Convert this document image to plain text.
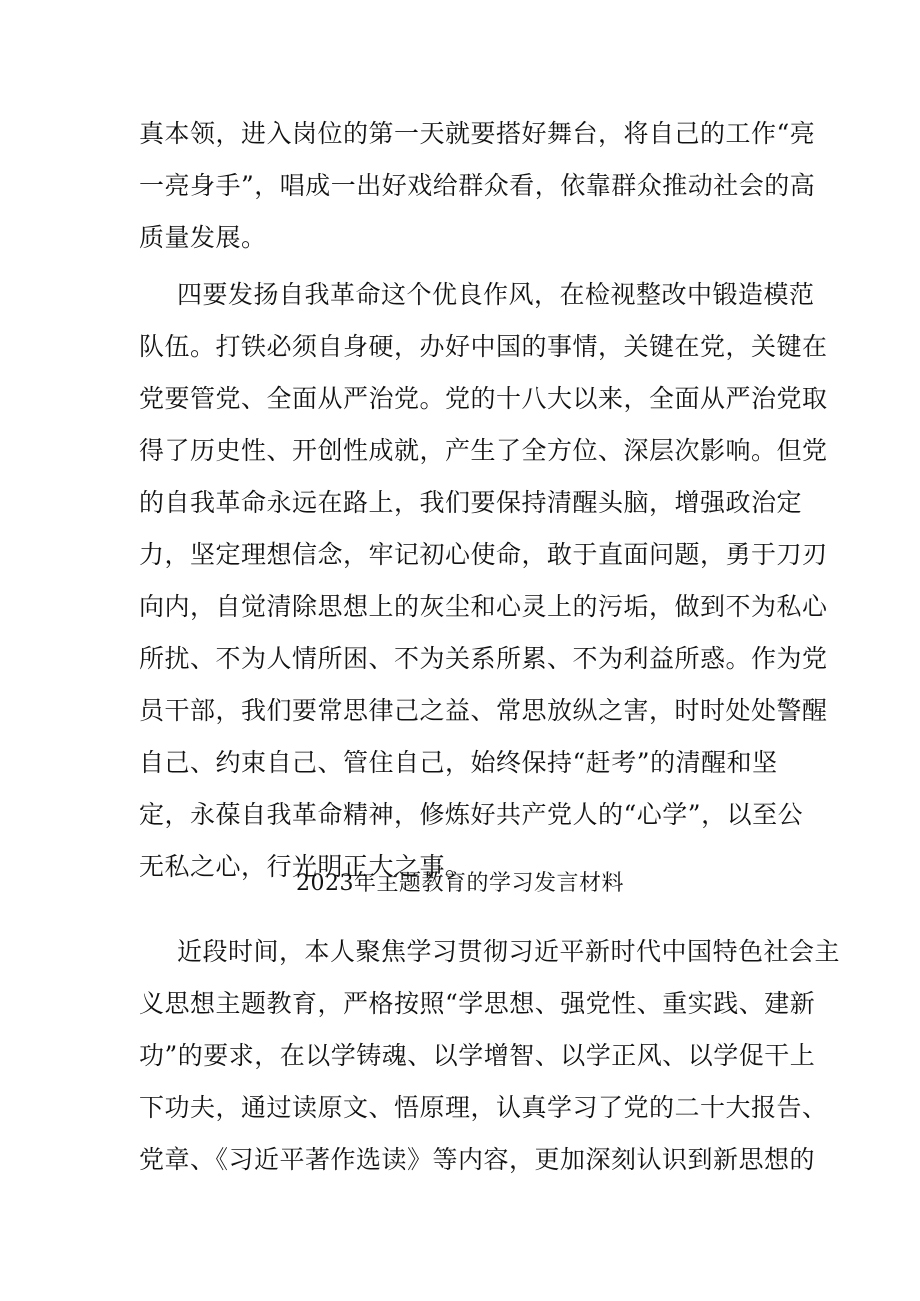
真本领，进入岗位的第一天就要搭好舞台，将自己的工作“亮
一亮身手”，唱成一出好戏给群众看，依靠群众推动社会的高
质量发展。
四要发扬自我革命这个优良作风，在检视整改中锻造模范
队伍。打铁必须自身硬，办好中国的事情，关键在党，关键在
党要管党、全面从严治党。党的十八大以来，全面从严治党取
得了历史性、开创性成就，产生了全方位、深层次影响。但党
的自我革命永远在路上，我们要保持清醒头脑，增强政治定
力，坚定理想信念，牢记初心使命，敢于直面问题，勇于刀刃
向内，自觉清除思想上的灰尘和心灵上的污垢，做到不为私心
所扰、不为人情所困、不为关系所累、不为利益所惑。作为党
员干部，我们要常思律己之益、常思放纵之害，时时处处警醒
自己、约束自己、管住自己，始终保持“赶考”的清醒和坚
定，永葆自我革命精神，修炼好共产党人的“心学”，以至公
无私之心，行光明正大之事。
2023年主题教育的学习发言材料
近段时间，本人聚焦学习贯彻习近平新时代中国特色社会主
义思想主题教育，严格按照“学思想、强党性、重实践、建新
功”的要求，在以学铸魂、以学增智、以学正风、以学促干上
下功夫，通过读原文、悟原理，认真学习了党的二十大报告、
党章、《习近平著作选读》等内容，更加深刻认识到新思想的
